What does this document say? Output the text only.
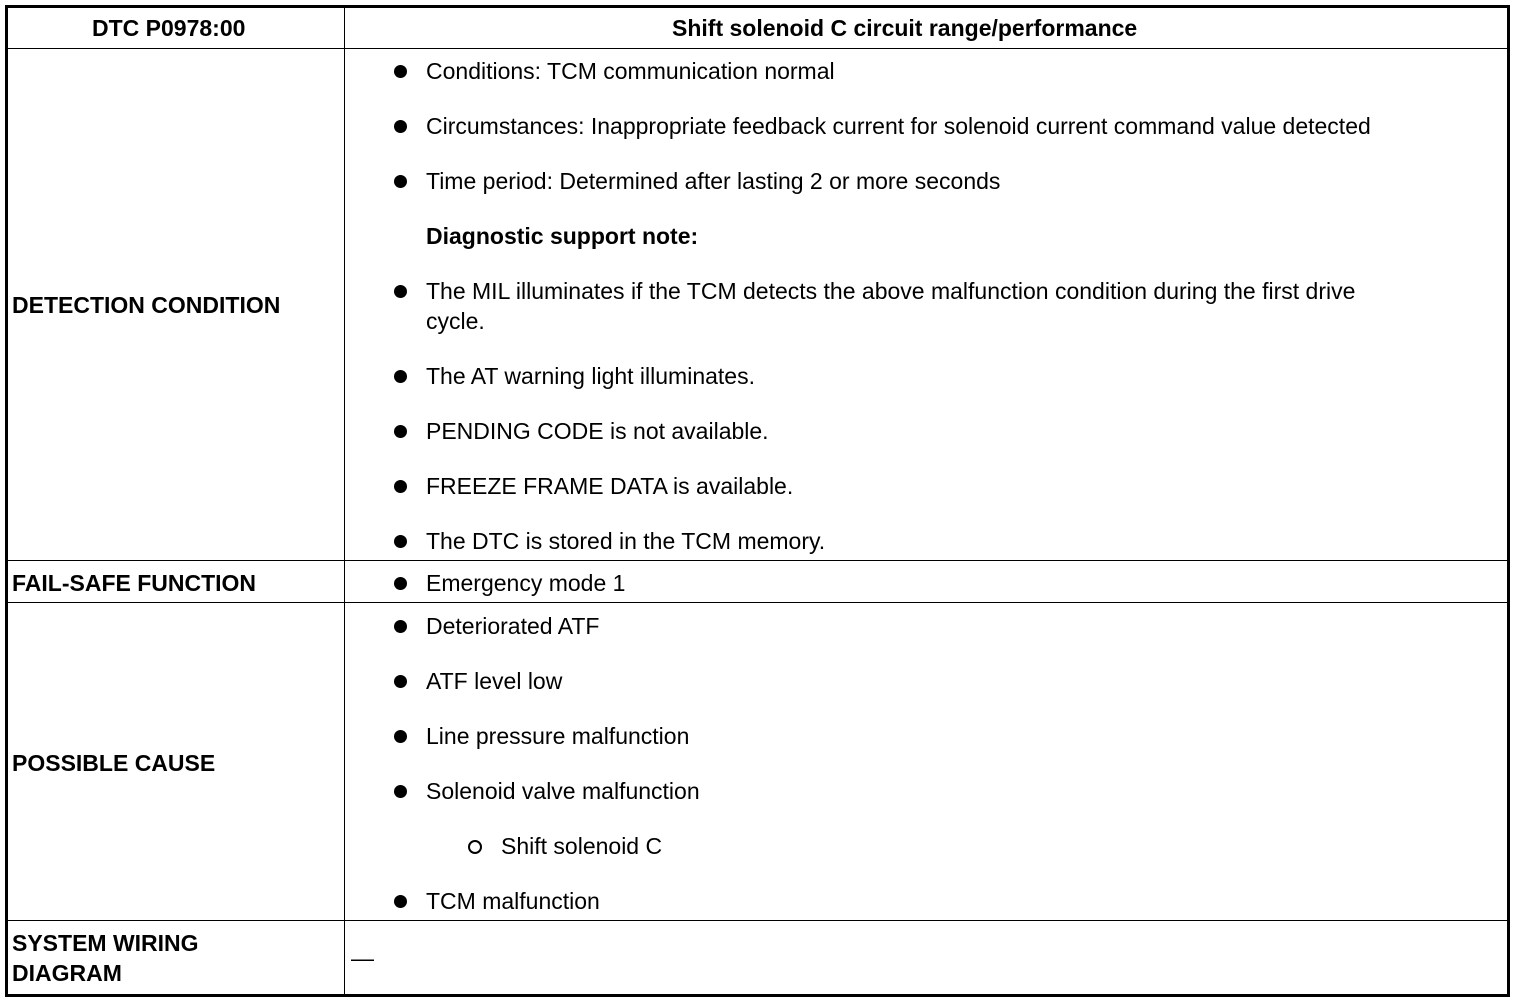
DTC P0978:00	Shift solenoid C circuit range/performance
DETECTION CONDITION
Conditions: TCM communication normal
Circumstances: Inappropriate feedback current for solenoid current command value detected
Time period: Determined after lasting 2 or more seconds
Diagnostic support note:
The MIL illuminates if the TCM detects the above malfunction condition during the first drive
cycle.
The AT warning light illuminates.
PENDING CODE is not available.
FREEZE FRAME DATA is available.
The DTC is stored in the TCM memory.
FAIL-SAFE FUNCTION	Emergency mode 1
POSSIBLE CAUSE
Deteriorated ATF
ATF level low
Line pressure malfunction
Solenoid valve malfunction
Shift solenoid C
TCM malfunction
SYSTEM WIRING
DIAGRAM
—
